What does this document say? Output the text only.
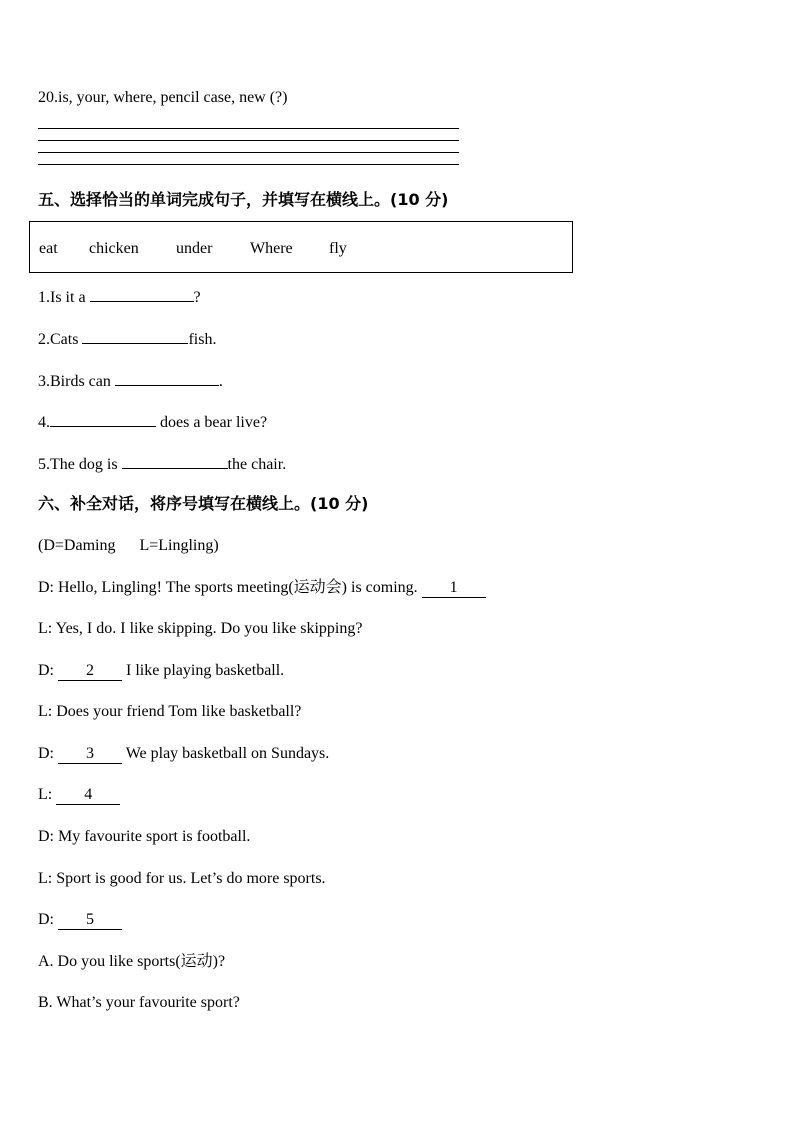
20.is, your, where, pencil case, new (?)
五、选择恰当的单词完成句子，并填写在横线上。(10 分)
eat chicken under Where fly
1.Is it a	?
2.Cats	fish.
3.Birds can	.
4.	does a bear live?
5.The dog is	the chair.
六、补全对话，将序号填写在横线上。(10 分)
(D=Daming      L=Lingling)
D: Hello, Lingling! The sports meeting(运动会) is coming. 1
L: Yes, I do. I like skipping. Do you like skipping?
D: 2 I like playing basketball.
L: Does your friend Tom like basketball?
D: 3 We play basketball on Sundays.
L: 4
D: My favourite sport is football.
L: Sport is good for us. Let’s do more sports.
D: 5
A. Do you like sports(运动)?
B. What’s your favourite sport?
